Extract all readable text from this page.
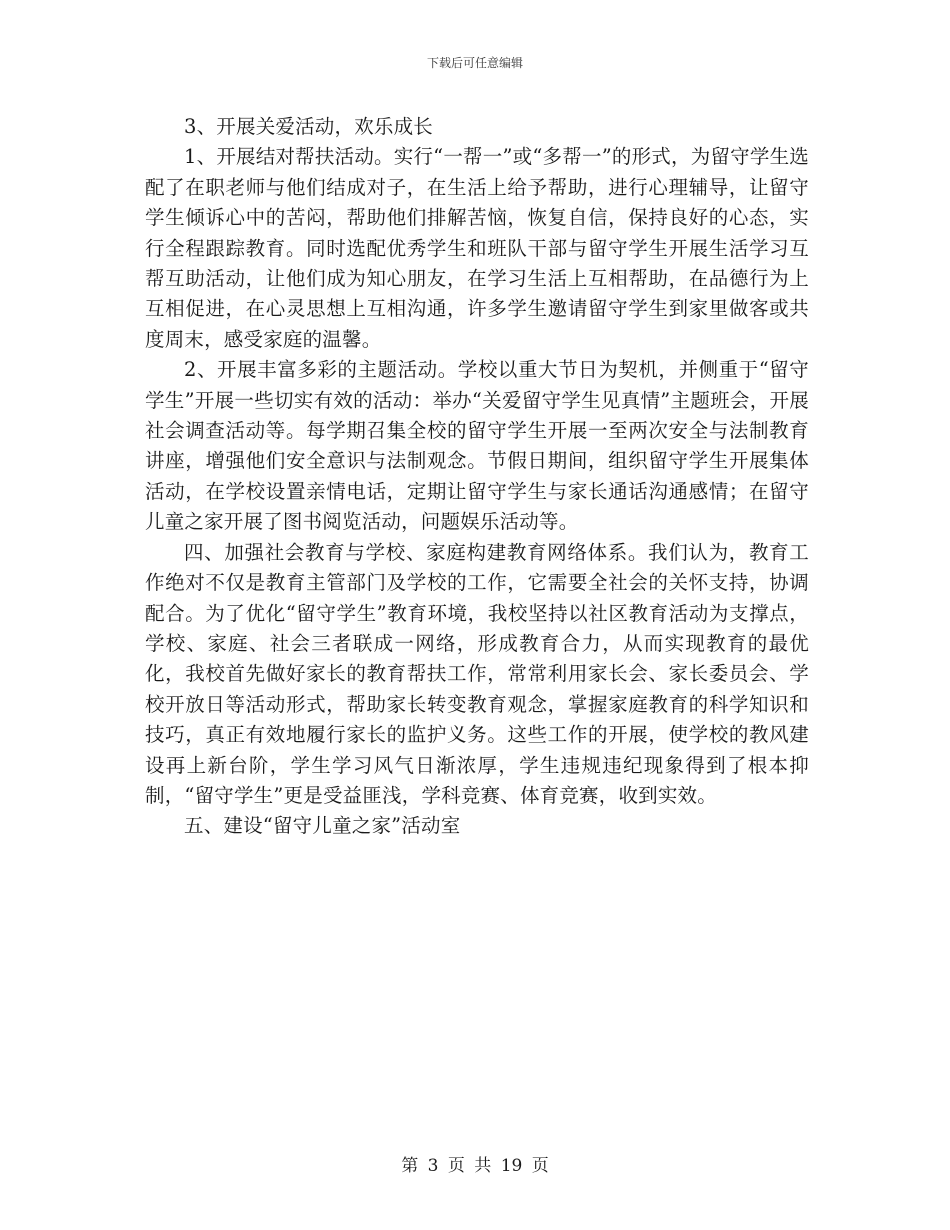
下载后可任意编辑

3、开展关爱活动，欢乐成长

1、开展结对帮扶活动。实行“一帮一”或“多帮一”的形式，为留守学生选配了在职老师与他们结成对子，在生活上给予帮助，进行心理辅导，让留守学生倾诉心中的苦闷，帮助他们排解苦恼，恢复自信，保持良好的心态，实行全程跟踪教育。同时选配优秀学生和班队干部与留守学生开展生活学习互帮互助活动，让他们成为知心朋友，在学习生活上互相帮助，在品德行为上互相促进，在心灵思想上互相沟通，许多学生邀请留守学生到家里做客或共度周末，感受家庭的温馨。

2、开展丰富多彩的主题活动。学校以重大节日为契机，并侧重于“留守学生”开展一些切实有效的活动：举办“关爱留守学生见真情”主题班会，开展社会调查活动等。每学期召集全校的留守学生开展一至两次安全与法制教育讲座，增强他们安全意识与法制观念。节假日期间，组织留守学生开展集体活动，在学校设置亲情电话，定期让留守学生与家长通话沟通感情；在留守儿童之家开展了图书阅览活动，问题娱乐活动等。

四、加强社会教育与学校、家庭构建教育网络体系。我们认为，教育工作绝对不仅是教育主管部门及学校的工作，它需要全社会的关怀支持，协调配合。为了优化“留守学生”教育环境，我校坚持以社区教育活动为支撑点，学校、家庭、社会三者联成一网络，形成教育合力，从而实现教育的最优化，我校首先做好家长的教育帮扶工作，常常利用家长会、家长委员会、学校开放日等活动形式，帮助家长转变教育观念，掌握家庭教育的科学知识和技巧，真正有效地履行家长的监护义务。这些工作的开展，使学校的教风建设再上新台阶，学生学习风气日渐浓厚，学生违规违纪现象得到了根本抑制，“留守学生”更是受益匪浅，学科竞赛、体育竞赛，收到实效。

五、建设“留守儿童之家”活动室

第 3 页 共 19 页
